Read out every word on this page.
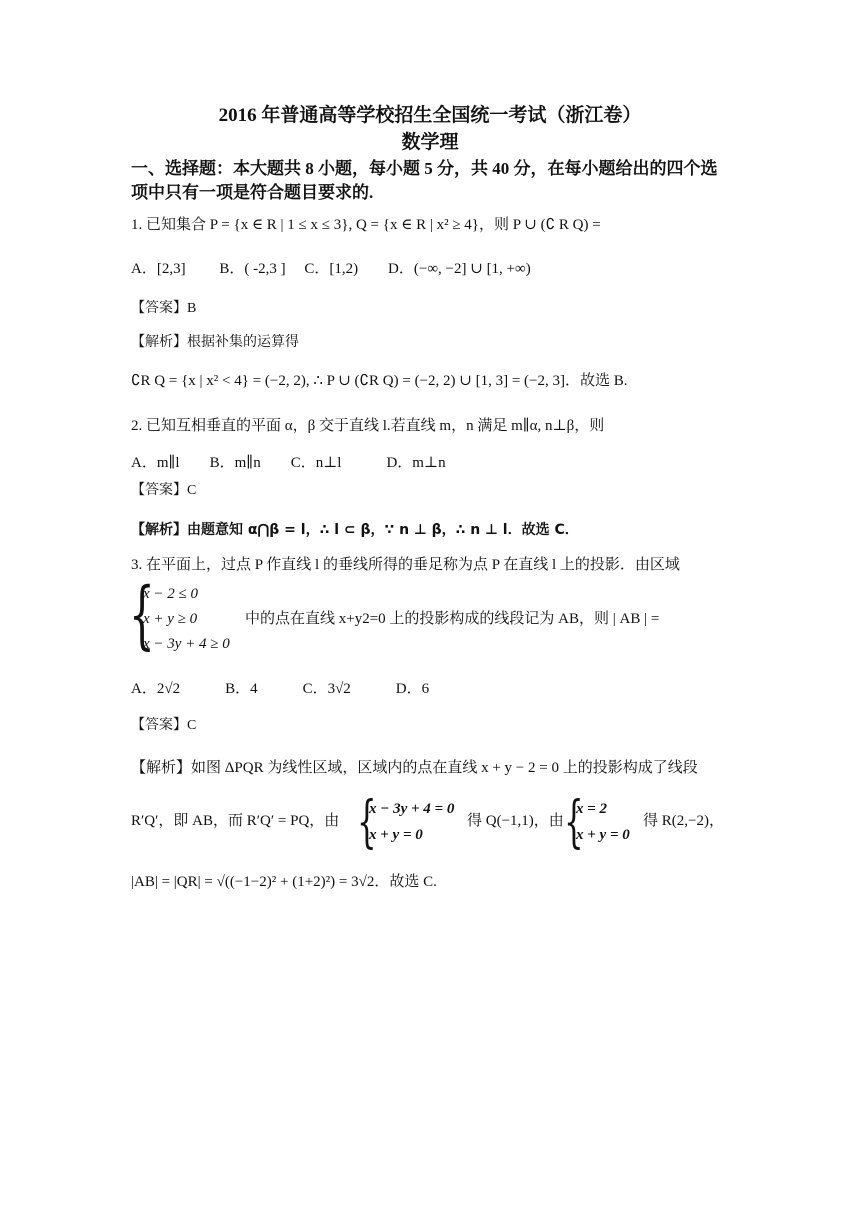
2016 年普通高等学校招生全国统一考试（浙江卷）
数学理
一、选择题：本大题共 8 小题，每小题 5 分，共 40 分，在每小题给出的四个选
项中只有一项是符合题目要求的.
1. 已知集合 P = {x ∈ R | 1 ≤ x ≤ 3}, Q = {x ∈ R | x² ≥ 4}，则 P ∪ (∁ R Q) =
A．[2,3]　　 B．( -2,3 ]　 C．[1,2)　　D．(−∞, −2] ∪ [1, +∞)
【答案】B
【解析】根据补集的运算得
∁R Q = {x | x² < 4} = (−2, 2), ∴ P ∪ (∁R Q) = (−2, 2) ∪ [1, 3] = (−2, 3]．故选 B.
2. 已知互相垂直的平面 α，β 交于直线 l.若直线 m，n 满足 m∥α, n⊥β，则
A．m∥l　　B．m∥n　　C．n⊥l　　　D．m⊥n
【答案】C
【解析】由题意知 α⋂β = l，∴ l ⊂ β，∵ n ⊥ β，∴ n ⊥ l．故选 C．
3. 在平面上，过点 P 作直线 l 的垂线所得的垂足称为点 P 在直线 l 上的投影．由区域
{
x − 2 ≤ 0
x + y ≥ 0
x − 3y + 4 ≥ 0
中的点在直线 x+y2=0 上的投影构成的线段记为 AB，则 | AB | =
A．2√2　　　B．4　　　C．3√2　　　D．6
【答案】C
【解析】如图 ΔPQR 为线性区域，区域内的点在直线 x + y − 2 = 0 上的投影构成了线段
R′Q′，即 AB，而 R′Q′ = PQ，由 {
x − 3y + 4 = 0
x + y = 0
得 Q(−1,1)，由 {
x = 2
x + y = 0
得 R(2,−2)，
|AB| = |QR| = √((−1−2)² + (1+2)²) = 3√2．故选 C.
